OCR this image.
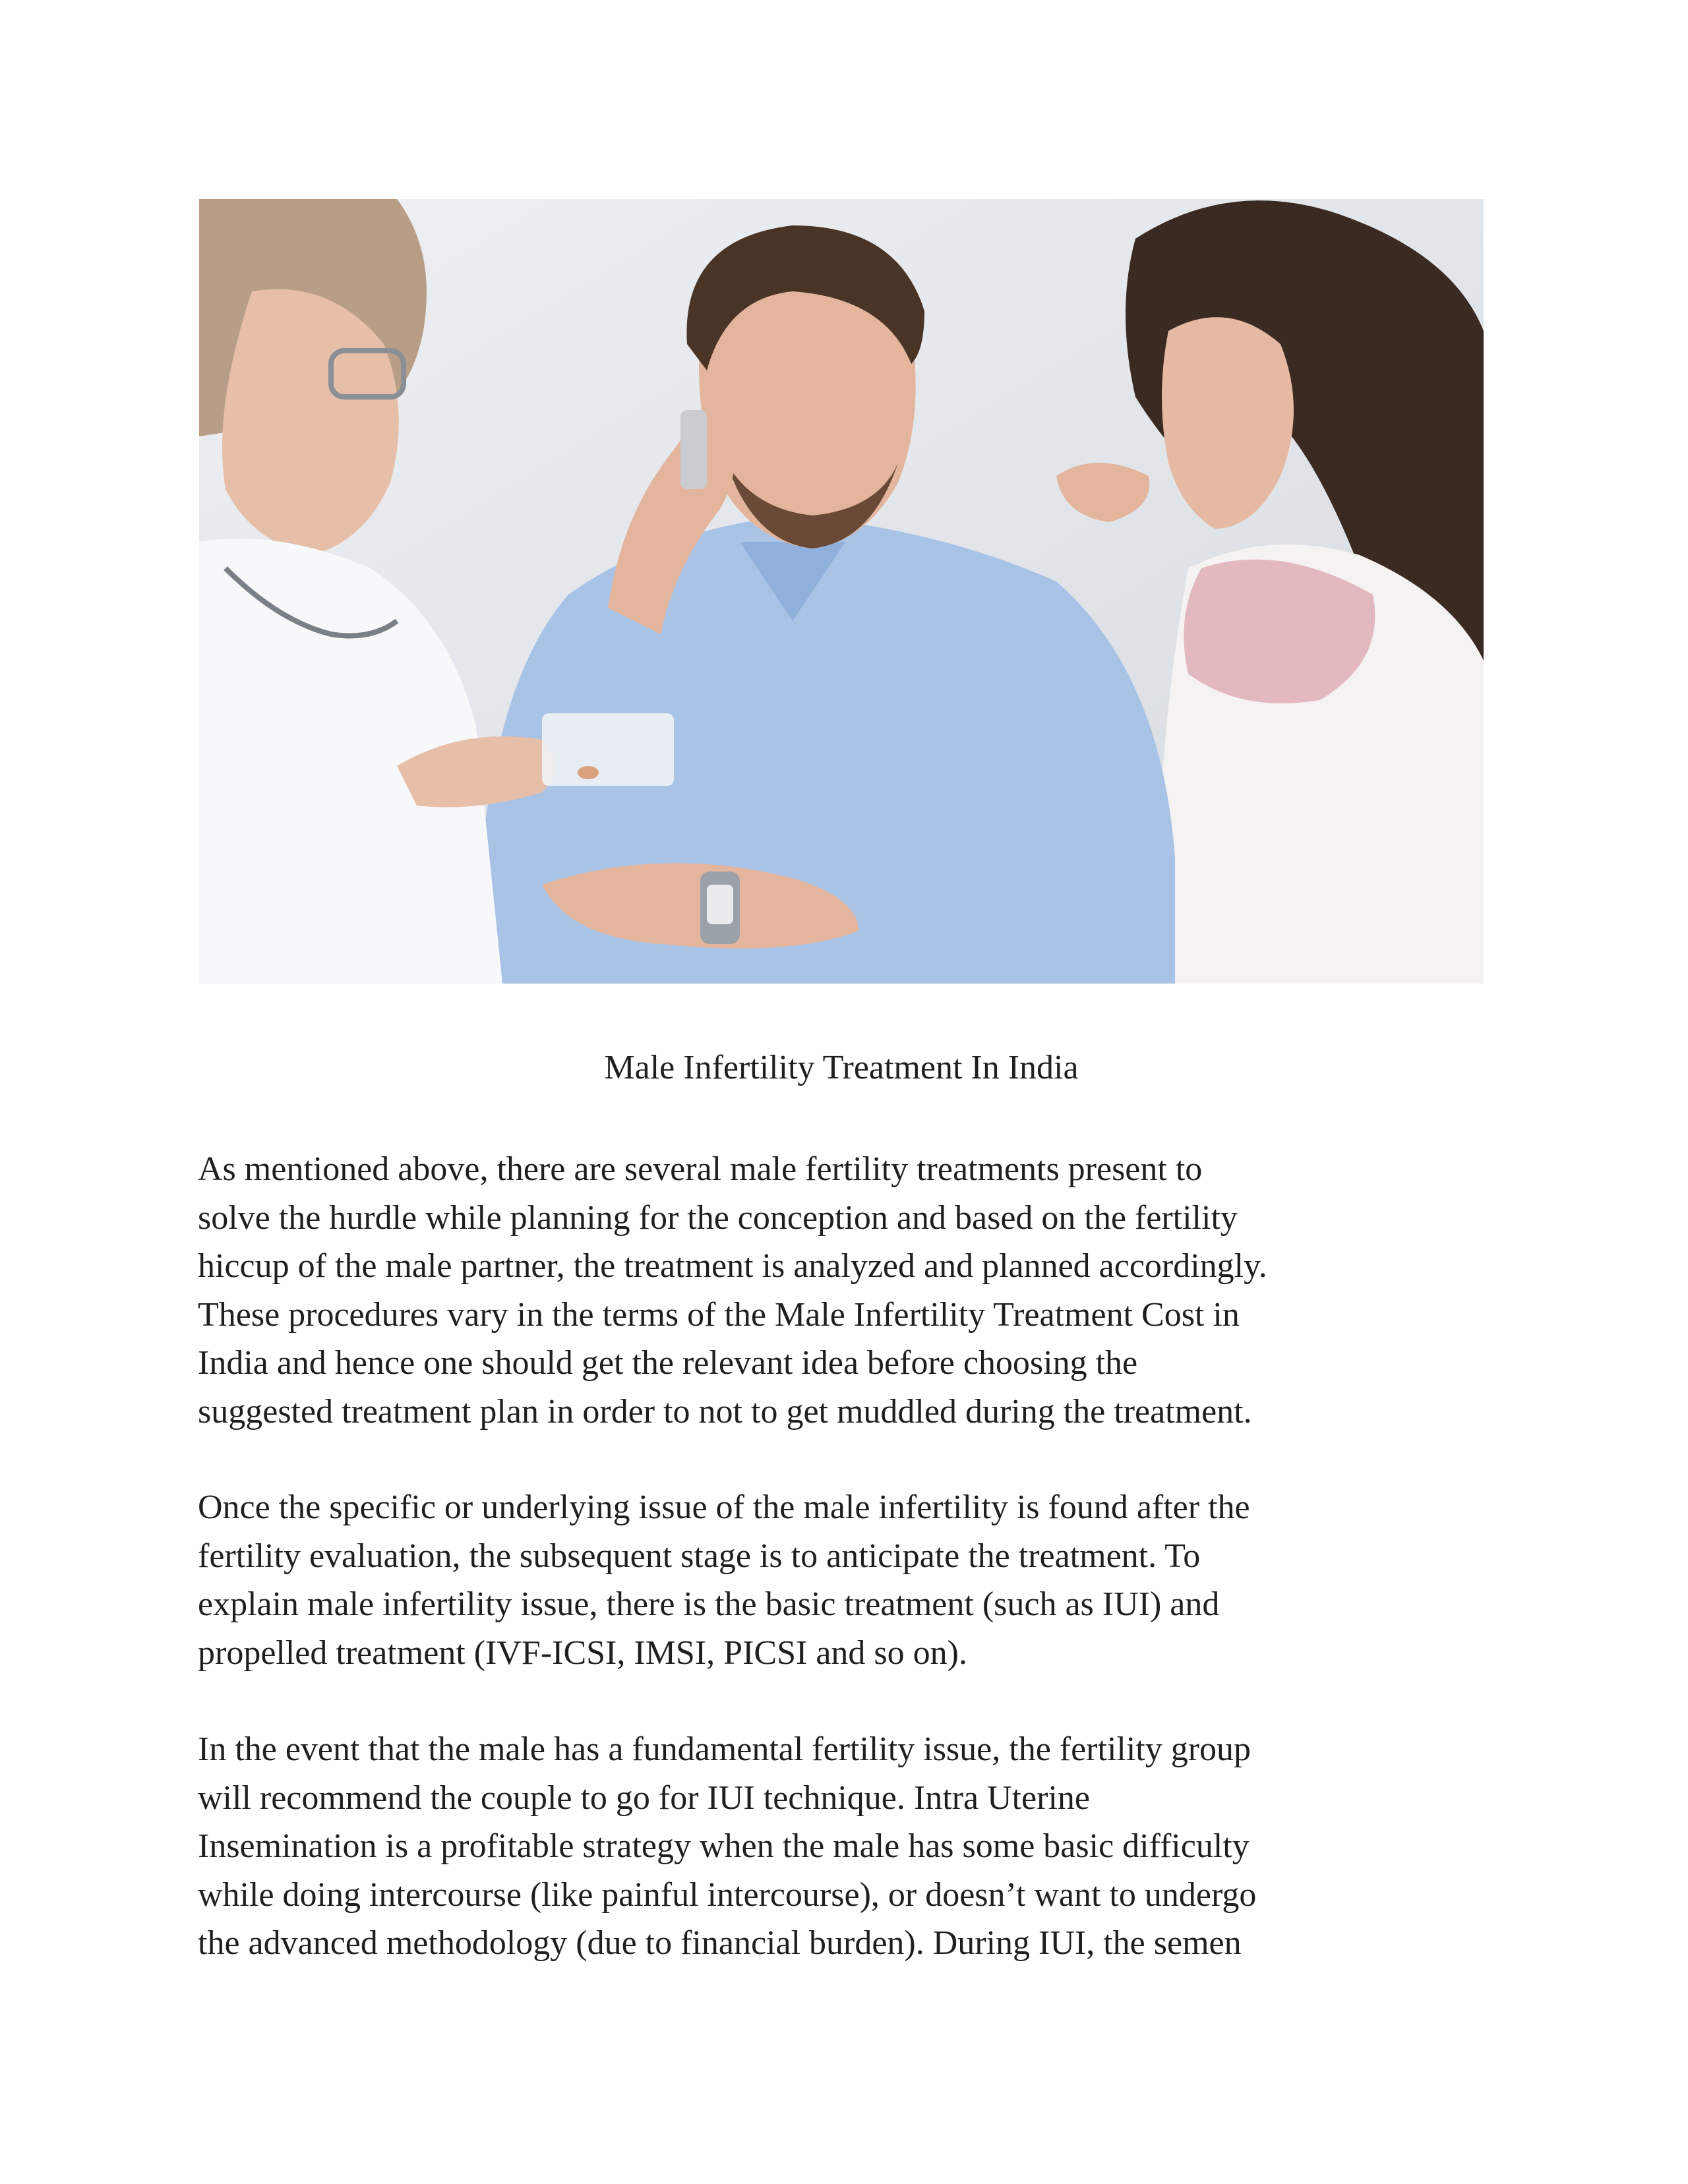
Male Infertility Treatment In India

As mentioned above, there are several male fertility treatments present to
solve the hurdle while planning for the conception and based on the fertility
hiccup of the male partner, the treatment is analyzed and planned accordingly.
These procedures vary in the terms of the Male Infertility Treatment Cost in
India and hence one should get the relevant idea before choosing the
suggested treatment plan in order to not to get muddled during the treatment.

Once the specific or underlying issue of the male infertility is found after the
fertility evaluation, the subsequent stage is to anticipate the treatment. To
explain male infertility issue, there is the basic treatment (such as IUI) and
propelled treatment (IVF-ICSI, IMSI, PICSI and so on).

In the event that the male has a fundamental fertility issue, the fertility group
will recommend the couple to go for IUI technique. Intra Uterine
Insemination is a profitable strategy when the male has some basic difficulty
while doing intercourse (like painful intercourse), or doesn’t want to undergo
the advanced methodology (due to financial burden). During IUI, the semen
